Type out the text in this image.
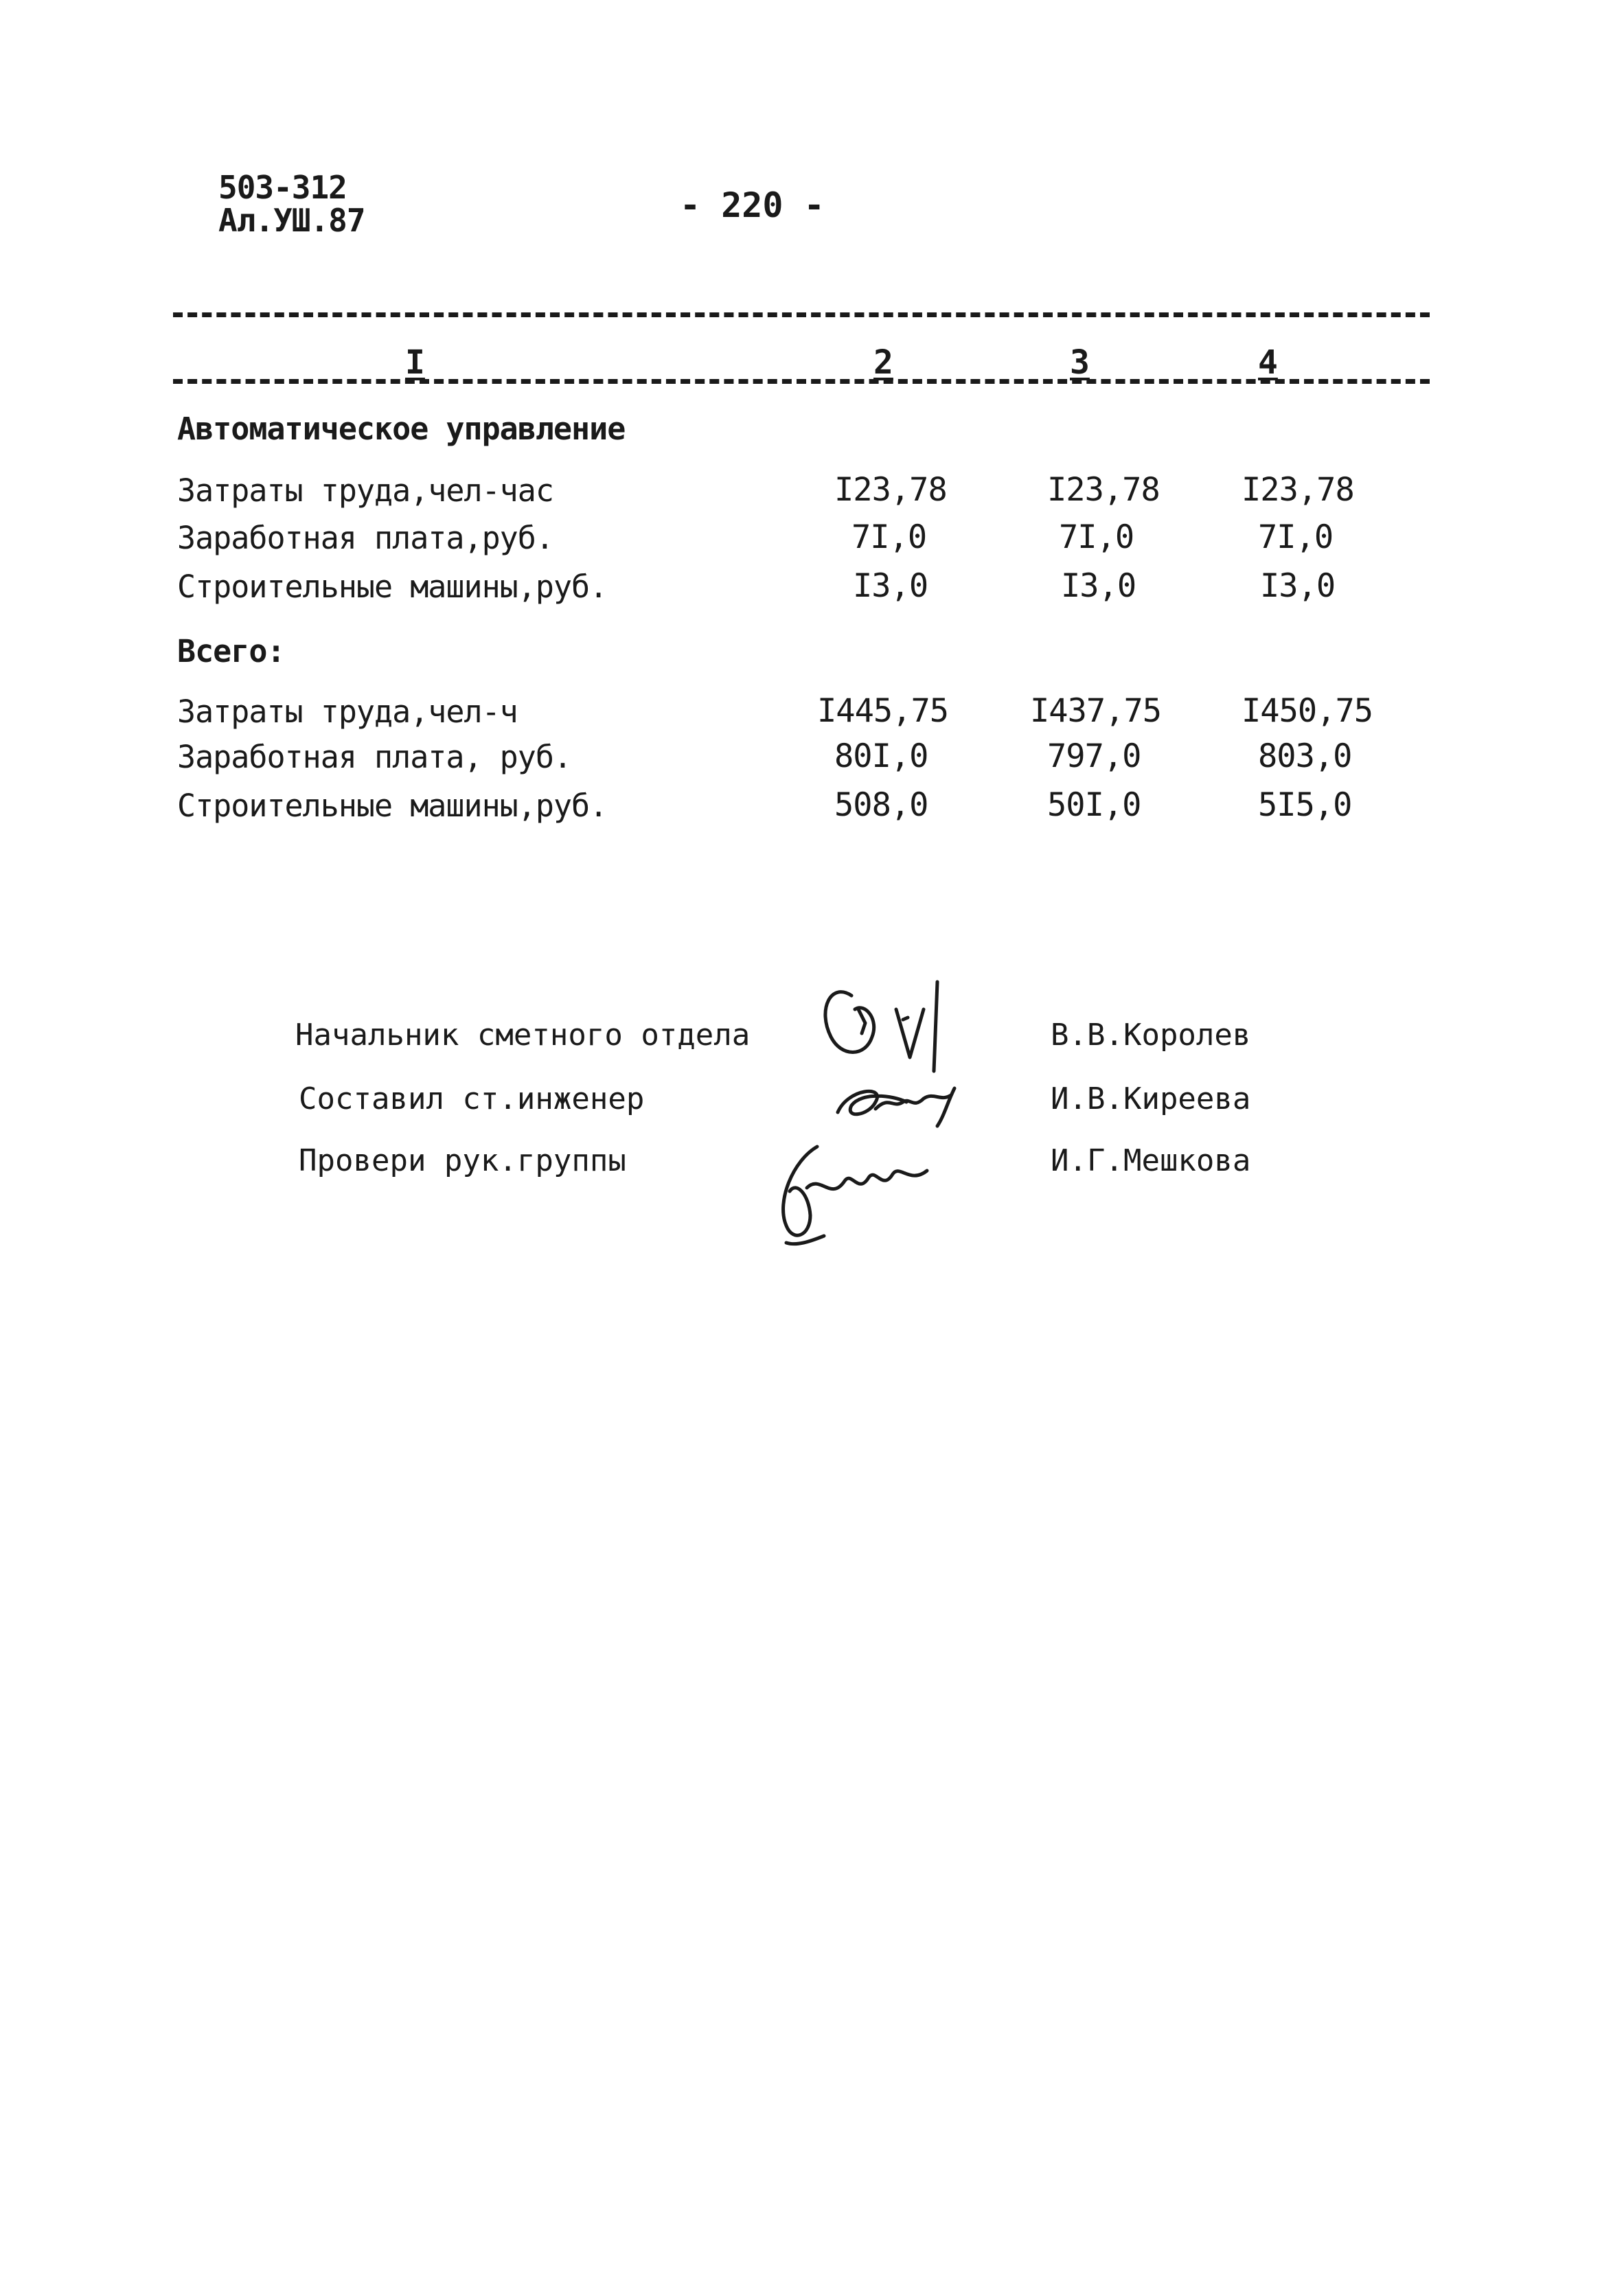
503-312
Ал.УШ.87	- 220 -
I	2	3	4
Автоматическое управление
Затраты труда,чел-час	I23,78	I23,78	I23,78
Заработная плата,руб.	7I,0	7I,0	7I,0
Строительные машины,руб.	I3,0	I3,0	I3,0
Всего:
Затраты труда,чел-ч	I445,75	I437,75 I450,75
Заработная плата, руб.	80I,0	797,0	803,0
Строительные машины,руб.	508,0	50I,0	5I5,0
Начальник сметного отдела	В.В.Королев
Составил ст.инженер	И.В.Киреева
Провери рук.группы	И.Г.Мешкова
